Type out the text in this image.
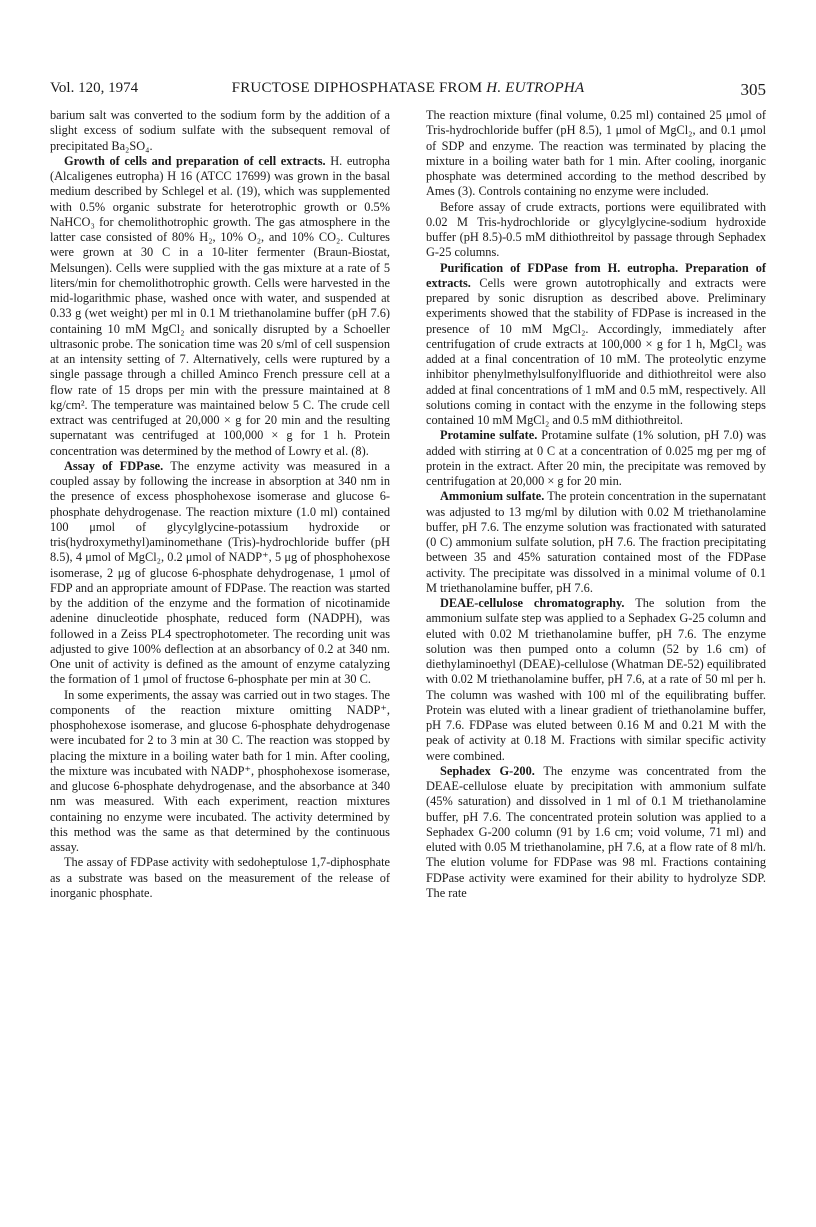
Vol. 120, 1974	FRUCTOSE DIPHOSPHATASE FROM H. EUTROPHA	305

barium salt was converted to the sodium form by the addition of a slight excess of sodium sulfate with the subsequent removal of precipitated Ba₂SO₄.

Growth of cells and preparation of cell extracts. H. eutropha (Alcaligenes eutropha) H 16 (ATCC 17699) was grown in the basal medium described by Schlegel et al. (19), which was supplemented with 0.5% organic substrate for heterotrophic growth or 0.5% NaHCO₃ for chemolithotrophic growth. The gas atmosphere in the latter case consisted of 80% H₂, 10% O₂, and 10% CO₂. Cultures were grown at 30 C in a 10-liter fermenter (Braun-Biostat, Melsungen). Cells were supplied with the gas mixture at a rate of 5 liters/min for chemolithotrophic growth. Cells were harvested in the mid-logarithmic phase, washed once with water, and suspended at 0.33 g (wet weight) per ml in 0.1 M triethanolamine buffer (pH 7.6) containing 10 mM MgCl₂ and sonically disrupted by a Schoeller ultrasonic probe. The sonication time was 20 s/ml of cell suspension at an intensity setting of 7. Alternatively, cells were ruptured by a single passage through a chilled Aminco French pressure cell at a flow rate of 15 drops per min with the pressure maintained at 8 kg/cm². The temperature was maintained below 5 C. The crude cell extract was centrifuged at 20,000 × g for 20 min and the resulting supernatant was centrifuged at 100,000 × g for 1 h. Protein concentration was determined by the method of Lowry et al. (8).

Assay of FDPase. The enzyme activity was measured in a coupled assay by following the increase in absorption at 340 nm in the presence of excess phosphohexose isomerase and glucose 6-phosphate dehydrogenase. The reaction mixture (1.0 ml) contained 100 μmol of glycylglycine-potassium hydroxide or tris(hydroxymethyl)aminomethane (Tris)-hydrochloride buffer (pH 8.5), 4 μmol of MgCl₂, 0.2 μmol of NADP⁺, 5 μg of phosphohexose isomerase, 2 μg of glucose 6-phosphate dehydrogenase, 1 μmol of FDP and an appropriate amount of FDPase. The reaction was started by the addition of the enzyme and the formation of nicotinamide adenine dinucleotide phosphate, reduced form (NADPH), was followed in a Zeiss PL4 spectrophotometer. The recording unit was adjusted to give 100% deflection at an absorbancy of 0.2 at 340 nm. One unit of activity is defined as the amount of enzyme catalyzing the formation of 1 μmol of fructose 6-phosphate per min at 30 C.

In some experiments, the assay was carried out in two stages. The components of the reaction mixture omitting NADP⁺, phosphohexose isomerase, and glucose 6-phosphate dehydrogenase were incubated for 2 to 3 min at 30 C. The reaction was stopped by placing the mixture in a boiling water bath for 1 min. After cooling, the mixture was incubated with NADP⁺, phosphohexose isomerase, and glucose 6-phosphate dehydrogenase, and the absorbance at 340 nm was measured. With each experiment, reaction mixtures containing no enzyme were incubated. The activity determined by this method was the same as that determined by the continuous assay.

The assay of FDPase activity with sedoheptulose 1,7-diphosphate as a substrate was based on the measurement of the release of inorganic phosphate.

The reaction mixture (final volume, 0.25 ml) contained 25 μmol of Tris-hydrochloride buffer (pH 8.5), 1 μmol of MgCl₂, and 0.1 μmol of SDP and enzyme. The reaction was terminated by placing the mixture in a boiling water bath for 1 min. After cooling, inorganic phosphate was determined according to the method described by Ames (3). Controls containing no enzyme were included.

Before assay of crude extracts, portions were equilibrated with 0.02 M Tris-hydrochloride or glycylglycine-sodium hydroxide buffer (pH 8.5)-0.5 mM dithiothreitol by passage through Sephadex G-25 columns.

Purification of FDPase from H. eutropha. Preparation of extracts. Cells were grown autotrophically and extracts were prepared by sonic disruption as described above. Preliminary experiments showed that the stability of FDPase is increased in the presence of 10 mM MgCl₂. Accordingly, immediately after centrifugation of crude extracts at 100,000 × g for 1 h, MgCl₂ was added at a final concentration of 10 mM. The proteolytic enzyme inhibitor phenylmethylsulfonylfluoride and dithiothreitol were also added at final concentrations of 1 mM and 0.5 mM, respectively. All solutions coming in contact with the enzyme in the following steps contained 10 mM MgCl₂ and 0.5 mM dithiothreitol.

Protamine sulfate. Protamine sulfate (1% solution, pH 7.0) was added with stirring at 0 C at a concentration of 0.025 mg per mg of protein in the extract. After 20 min, the precipitate was removed by centrifugation at 20,000 × g for 20 min.

Ammonium sulfate. The protein concentration in the supernatant was adjusted to 13 mg/ml by dilution with 0.02 M triethanolamine buffer, pH 7.6. The enzyme solution was fractionated with saturated (0 C) ammonium sulfate solution, pH 7.6. The fraction precipitating between 35 and 45% saturation contained most of the FDPase activity. The precipitate was dissolved in a minimal volume of 0.1 M triethanolamine buffer, pH 7.6.

DEAE-cellulose chromatography. The solution from the ammonium sulfate step was applied to a Sephadex G-25 column and eluted with 0.02 M triethanolamine buffer, pH 7.6. The enzyme solution was then pumped onto a column (52 by 1.6 cm) of diethylaminoethyl (DEAE)-cellulose (Whatman DE-52) equilibrated with 0.02 M triethanolamine buffer, pH 7.6, at a rate of 50 ml per h. The column was washed with 100 ml of the equilibrating buffer. Protein was eluted with a linear gradient of triethanolamine buffer, pH 7.6. FDPase was eluted between 0.16 M and 0.21 M with the peak of activity at 0.18 M. Fractions with similar specific activity were combined.

Sephadex G-200. The enzyme was concentrated from the DEAE-cellulose eluate by precipitation with ammonium sulfate (45% saturation) and dissolved in 1 ml of 0.1 M triethanolamine buffer, pH 7.6. The concentrated protein solution was applied to a Sephadex G-200 column (91 by 1.6 cm; void volume, 71 ml) and eluted with 0.05 M triethanolamine, pH 7.6, at a flow rate of 8 ml/h. The elution volume for FDPase was 98 ml. Fractions containing FDPase activity were examined for their ability to hydrolyze SDP. The rate
